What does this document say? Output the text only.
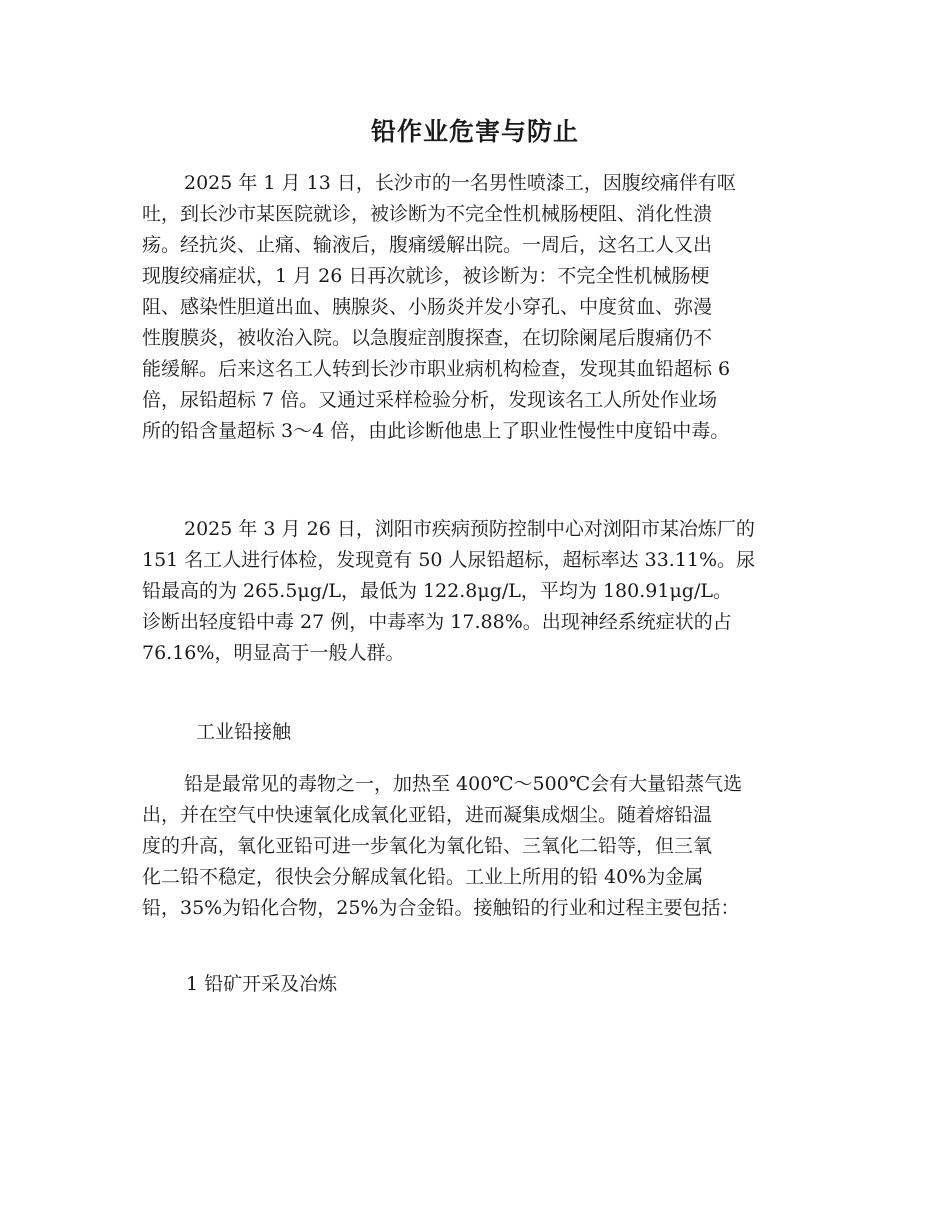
铅作业危害与防止

2025 年 1 月 13 日，长沙市的一名男性喷漆工，因腹绞痛伴有呕
吐，到长沙市某医院就诊，被诊断为不完全性机械肠梗阻、消化性溃
疡。经抗炎、止痛、输液后，腹痛缓解出院。一周后，这名工人又出
现腹绞痛症状，1 月 26 日再次就诊，被诊断为：不完全性机械肠梗
阻、感染性胆道出血、胰腺炎、小肠炎并发小穿孔、中度贫血、弥漫
性腹膜炎，被收治入院。以急腹症剖腹探查，在切除阑尾后腹痛仍不
能缓解。后来这名工人转到长沙市职业病机构检查，发现其血铅超标 6
倍，尿铅超标 7 倍。又通过采样检验分析，发现该名工人所处作业场
所的铅含量超标 3～4 倍，由此诊断他患上了职业性慢性中度铅中毒。

2025 年 3 月 26 日，浏阳市疾病预防控制中心对浏阳市某冶炼厂的
151 名工人进行体检，发现竟有 50 人尿铅超标，超标率达 33.11%。尿
铅最高的为 265.5μg/L，最低为 122.8μg/L，平均为 180.91μg/L。
诊断出轻度铅中毒 27 例，中毒率为 17.88%。出现神经系统症状的占
76.16%，明显高于一般人群。

工业铅接触

铅是最常见的毒物之一，加热至 400℃～500℃会有大量铅蒸气选
出，并在空气中快速氧化成氧化亚铅，进而凝集成烟尘。随着熔铅温
度的升高，氧化亚铅可进一步氧化为氧化铅、三氧化二铅等，但三氧
化二铅不稳定，很快会分解成氧化铅。工业上所用的铅 40%为金属
铅，35%为铅化合物，25%为合金铅。接触铅的行业和过程主要包括：

1 铅矿开采及冶炼
